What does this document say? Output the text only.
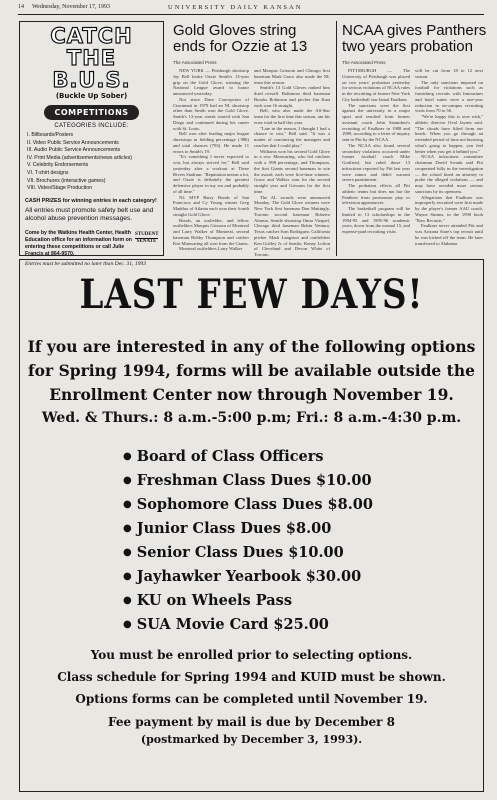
14 Wednesday, November 17, 1993	UNIVERSITY DAILY KANSAN
CATCH THE B.U.S.
(Buckle Up Sober)
COMPETITIONS
CATEGORIES INCLUDE:
I. Billboards/Posters
II. Video Public Service Announcements
III. Audio Public Service Announcements
IV. Print Media (advertisements/news articles)
V. Celebrity Endorsements
VI. T-shirt designs
VII. Brochures (interactive games)
VIII. Video/Stage Production
CASH PRIZES for winning entries in each category!
All entries must promote safety belt use and alcohol abuse prevention messages.
Come by the Watkins Health Center, Health Education office for an information form on entering these competitions or call Julie Francis at 864-9570.
STUDENT
SENATE
Entries must be submitted no later than Dec. 31, 1993
Gold Gloves string
ends for Ozzie at 13
The Associated Press

NEW YORK — Pittsburgh shortstop Jay Bell broke Ozzie Smith's 13-year grip on the Gold Glove, winning the National League award to honor announced yesterday.

Not since Dave Concepcion of Cincinnati in 1979 had an NL shortstop other than Smith won the Gold Glove. Smith's 13-year streak started with San Diego and continued during his career with St. Louis.

Bell won after leading major league shortstops in fielding percentage (.986) and total chances (793). He made 11 errors to Smith's 19.

"It's something I never expected to win, but always strived for," Bell said yesterday after a workout at Three Rivers Stadium. "Reputation means a lot, and Ozzie is definitely the greatest defensive player in my era and probably of all time."

NL MVP Barry Bonds of San Francisco and Cy Young winner Greg Maddux of Atlanta each won their fourth straight Gold Glove.

Bonds, an outfielder, and fellow outfielders Marquis Grissom of Montreal and Larry Walker of Montreal, second baseman Robby Thompson and catcher Kirt Manwaring all won from the Giants.

Montreal outfielders Larry Walker

and Marquis Grissom and Chicago first baseman Mark Grace also made the NL team this season.

Smith's 13 Gold Gloves ranked him third overall. Baltimore third baseman Brooks Robinson and pitcher Jim Kaat each won 16 straight.

Bell, who also made the All-Star team for the first time this season, ran his error total in half this year.

"Late in the season, I thought I had a chance to win," Bell said. "It was a matter of convincing the managers and coaches that I could play."

Williams won his second Gold Glove in a row. Manwaring, who led catchers with a .998 percentage, and Thompson, the first Giants second baseman to win the award, each were first-time winners. Grace and Walker won for the second straight year and Grissom for the first time.

The AL awards were announced Monday. The Gold Glove winners were New York first baseman Don Mattingly, Toronto second baseman Roberto Alomar, Seattle shortstop Omar Vizquel, Chicago third baseman Robin Ventura, Texas catcher Ivan Rodriguez, California pitcher Mark Langston and outfielders Ken Griffey Jr. of Seattle, Kenny Lofton of Cleveland and Devon White of Toronto.

NCAA gives Panthers
two years probation
The Associated Press

PITTSBURGH — The University of Pittsburgh was placed on two years' probation yesterday for serious violations of NCAA rules in the recruiting of former New York City basketball star Jamal Faulkner.

The sanctions were the first against the university in a major sport and resulted from former assistant coach John Sarandrea's recruiting of Faulkner in 1988 and 1989, according to a letter of inquiry sent to Pitt by the NCAA.

The NCAA also found several secondary violations occurred under former football coach Mike Gottfried, but ruled those 13 infractions reported by Pitt last year were minor and didn't warrant severe punishment.

The probation effects all Pitt athletic teams but does not bar the Panthers from postseason play or television appearances.

The basketball program will be limited to 13 scholarships in the 1994-95 and 1995-96 academic years, down from the normal 15, and expense-paid recruiting visits

will be cut from 18 to 12 next season.

The only sanctions imposed on football for violations such as furnishing recruits with limousines and hotel suites were a one-year reduction in on-campus recruiting visits from 70 to 56.

"We're happy this is over with," athletic director Oval Jaynes said. "The clouds have lifted from our heads. When you go through an extended period of time not knowing what's going to happen, you feel better when you get it behind you."

NCAA infractions committee chairman David Swank said Pitt cooperated fully in the investigation — the school hired an attorney to probe the alleged violations — and may have avoided more serious sanctions by its openness.

Allegations that Faulkner was improperly recruited were first made by the player's former AAU coach, Wayne Simms, in the 1990 book "Raw Recruits."

Faulkner never attended Pitt and was Arizona State's top recruit until he was kicked off the team. He later transferred to Alabama.

LAST FEW DAYS!
If you are interested in any of the following options
for Spring 1994, forms will be available outside the
Enrollment Center now through November 19.
Wed. & Thurs.: 8 a.m.-5:00 p.m; Fri.: 8 a.m.-4:30 p.m.
● Board of Class Officers
● Freshman Class Dues $10.00
● Sophomore Class Dues $8.00
● Junior Class Dues $8.00
● Senior Class Dues $10.00
● Jayhawker Yearbook $30.00
● KU on Wheels Pass
● SUA Movie Card $25.00
You must be enrolled prior to selecting options.
Class schedule for Spring 1994 and KUID must be shown.
Options forms can be completed until November 19.
Fee payment by mail is due by December 8
(postmarked by December 3, 1993).
